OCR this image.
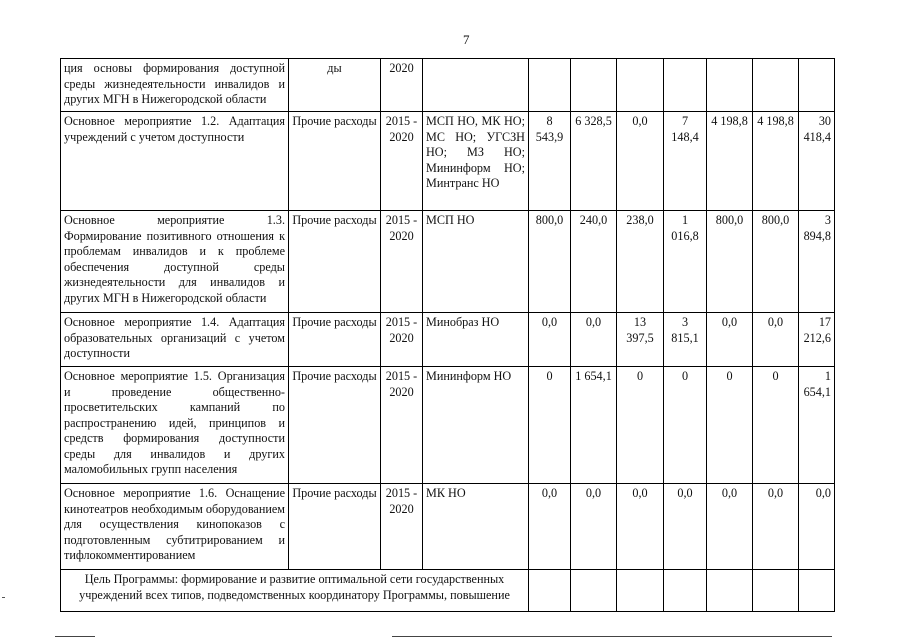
7
ция основы формирования доступной среды жизнедеятельности инвалидов и других МГН в Нижегородской области	ды	2020								
Основное мероприятие 1.2. Адаптация учреждений с учетом доступности	Прочие расходы	2015 - 2020	МСП НО, МК НО; МС НО; УГСЗН НО; МЗ НО; Мининформ НО; Минтранс НО	8 543,9	6 328,5	0,0	7 148,4	4 198,8	4 198,8	30 418,4
Основное мероприятие 1.3. Формирование позитивного отношения к проблемам инвалидов и к проблеме обеспечения доступной среды жизнедеятельности для инвалидов и других МГН в Нижегородской области	Прочие расходы	2015 - 2020	МСП НО	800,0	240,0	238,0	1 016,8	800,0	800,0	3 894,8
Основное мероприятие 1.4. Адаптация образовательных организаций с учетом доступности	Прочие расходы	2015 - 2020	Минобраз НО	0,0	0,0	13 397,5	3 815,1	0,0	0,0	17 212,6
Основное мероприятие 1.5. Организация и проведение общественно-просветительских кампаний по распространению идей, принципов и средств формирования доступности среды для инвалидов и других маломобильных групп населения	Прочие расходы	2015 - 2020	Мининформ НО	0	1 654,1	0	0	0	0	1 654,1
Основное мероприятие 1.6. Оснащение кинотеатров необходимым оборудованием для осуществления кинопоказов с подготовленным субтитрированием и тифлокомментированием	Прочие расходы	2015 - 2020	МК НО	0,0	0,0	0,0	0,0	0,0	0,0	0,0
Цель Программы: формирование и развитие оптимальной сети государственных учреждений всех типов, подведомственных координатору Программы, повышение										
